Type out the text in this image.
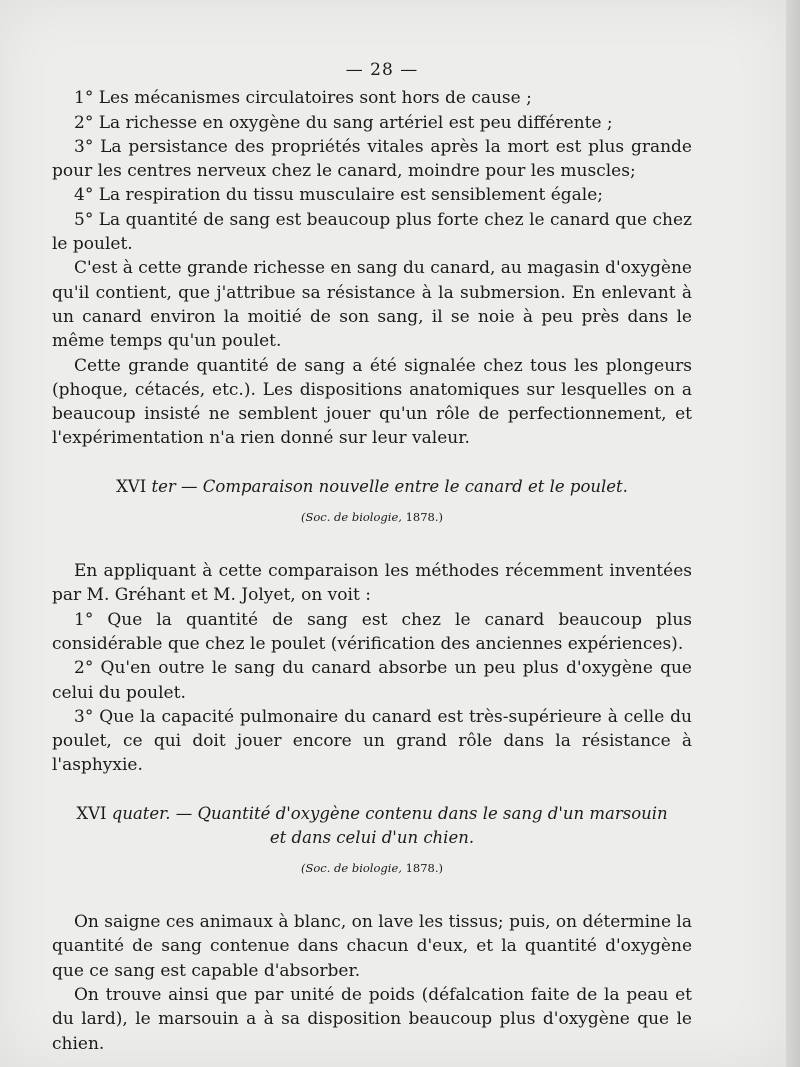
— 28 —

1° Les mécanismes circulatoires sont hors de cause ;

2° La richesse en oxygène du sang artériel est peu différente ;

3° La persistance des propriétés vitales après la mort est plus grande pour les centres nerveux chez le canard, moindre pour les muscles;

4° La respiration du tissu musculaire est sensiblement égale;

5° La quantité de sang est beaucoup plus forte chez le canard que chez le poulet.

C'est à cette grande richesse en sang du canard, au magasin d'oxygène qu'il contient, que j'attribue sa résistance à la submersion. En enlevant à un canard environ la moitié de son sang, il se noie à peu près dans le même temps qu'un poulet.

Cette grande quantité de sang a été signalée chez tous les plongeurs (phoque, cétacés, etc.). Les dispositions anatomiques sur lesquelles on a beaucoup insisté ne semblent jouer qu'un rôle de perfectionnement, et l'expérimentation n'a rien donné sur leur valeur.

XVI ter — Comparaison nouvelle entre le canard et le poulet.
(Soc. de biologie, 1878.)

En appliquant à cette comparaison les méthodes récemment inventées par M. Gréhant et M. Jolyet, on voit :

1° Que la quantité de sang est chez le canard beaucoup plus considérable que chez le poulet (vérification des anciennes expériences).

2° Qu'en outre le sang du canard absorbe un peu plus d'oxygène que celui du poulet.

3° Que la capacité pulmonaire du canard est très-supérieure à celle du poulet, ce qui doit jouer encore un grand rôle dans la résistance à l'asphyxie.

XVI quater. — Quantité d'oxygène contenu dans le sang d'un marsouin
et dans celui d'un chien.
(Soc. de biologie, 1878.)

On saigne ces animaux à blanc, on lave les tissus; puis, on détermine la quantité de sang contenue dans chacun d'eux, et la quantité d'oxygène que ce sang est capable d'absorber.

On trouve ainsi que par unité de poids (défalcation faite de la peau et du lard), le marsouin a à sa disposition beaucoup plus d'oxygène que le chien.
